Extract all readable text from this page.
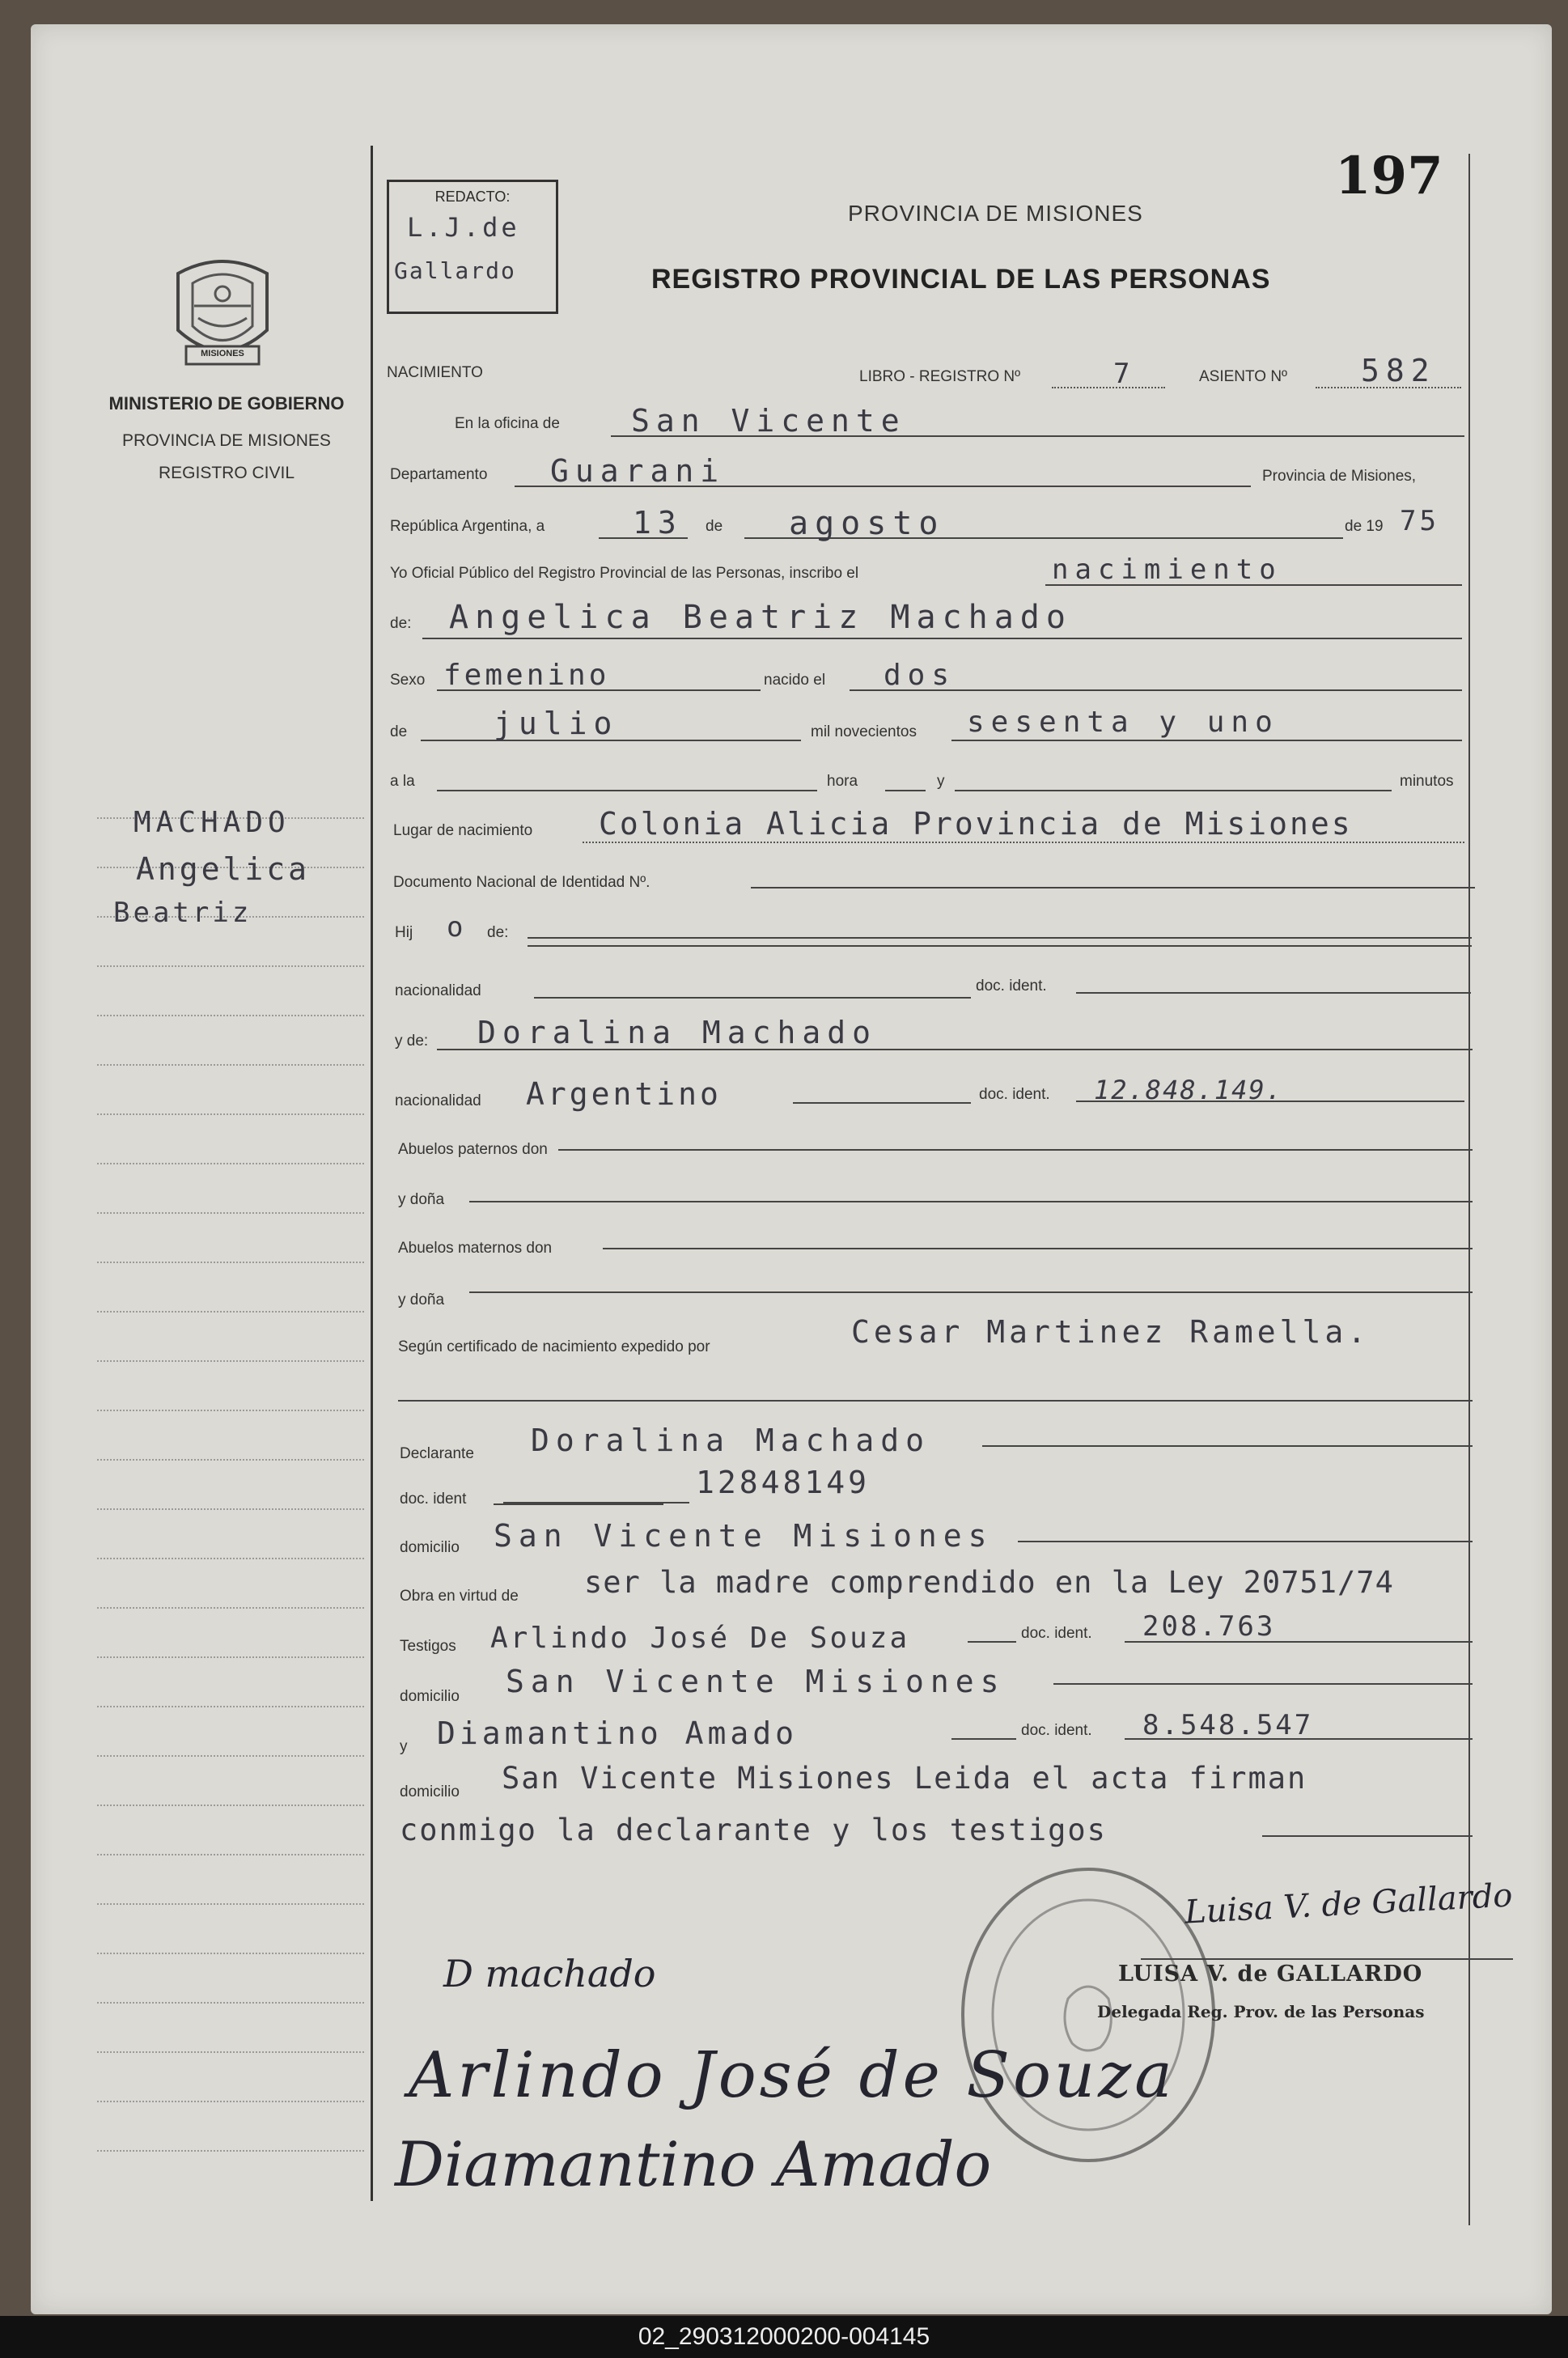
197
REDACTO:
L.J.de
Gallardo
PROVINCIA DE MISIONES
REGISTRO PROVINCIAL DE LAS PERSONAS
MISIONES
MINISTERIO DE GOBIERNO
PROVINCIA DE MISIONES
REGISTRO CIVIL
MACHADO
Angelica
Beatriz
NACIMIENTO	LIBRO - REGISTRO Nº	7	ASIENTO Nº 582
En la oficina de San Vicente
Departamento Guarani	Provincia de Misiones,
República Argentina, a	13 de agosto	de 19 75
Yo Oficial Público del Registro Provincial de las Personas, inscribo el	nacimiento
de: Angelica Beatriz Machado
Sexo femenino	nacido el dos
de	julio	mil novecientos sesenta y uno
a la	hora	y	minutos
Lugar de nacimiento Colonia Alicia Provincia de Misiones
Documento Nacional de Identidad Nº.
Hij o de:
nacionalidad	doc. ident.
y de: Doralina Machado
nacionalidad Argentino	doc. ident. 12.848.149.
Abuelos paternos don
y doña
Abuelos maternos don
y doña
Según certificado de nacimiento expedido por	Cesar Martinez Ramella.
Declarante Doralina Machado
doc. ident	12848149
domicilio San Vicente Misiones
Obra en virtud de ser la madre comprendido en la Ley 20751/74
Testigos Arlindo José De Souza	doc. ident. 208.763
domicilio San Vicente Misiones
y Diamantino Amado	doc. ident. 8.548.547
domicilio San Vicente Misiones Leida el acta firman
conmigo la declarante y los testigos
Luisa V. de Gallardo
LUISA V. de GALLARDO
Delegada Reg. Prov. de las Personas
D machado
Arlindo José de Souza
Diamantino Amado
02_290312000200-004145
